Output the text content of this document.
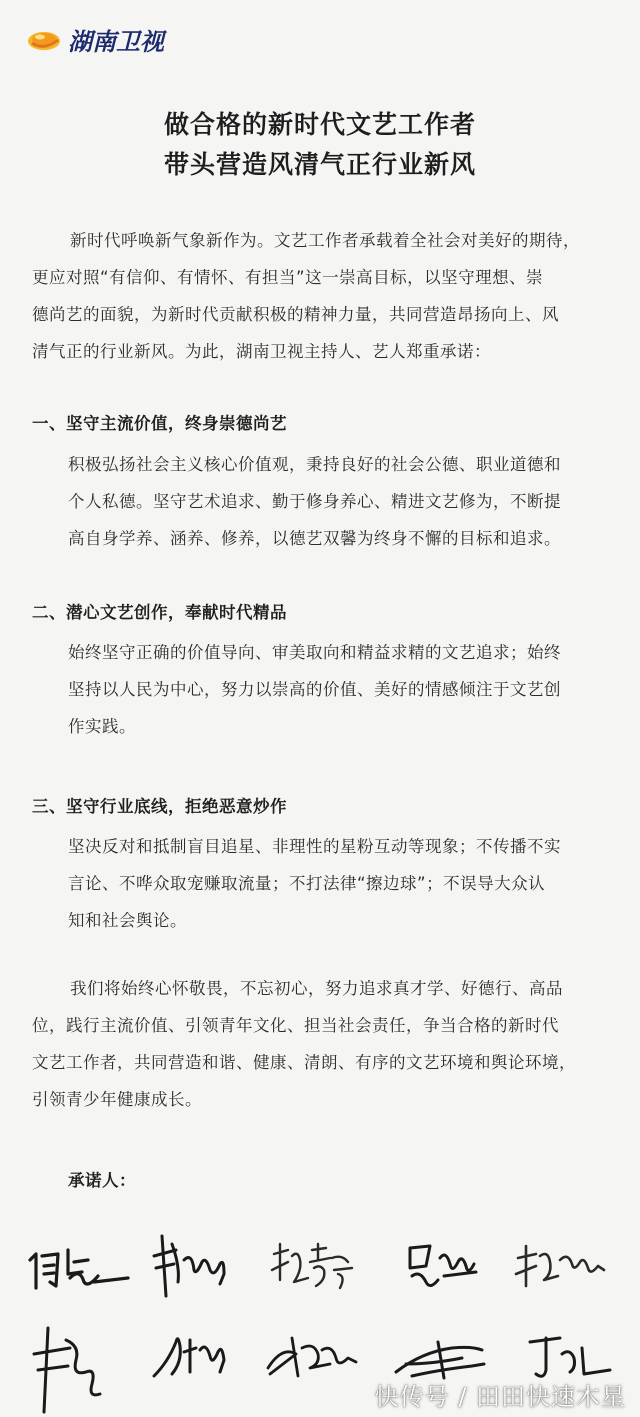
湖南卫视
做合格的新时代文艺工作者
带头营造风清气正行业新风
新时代呼唤新气象新作为。文艺工作者承载着全社会对美好的期待，
更应对照“有信仰、有情怀、有担当”这一崇高目标，以坚守理想、崇
德尚艺的面貌，为新时代贡献积极的精神力量，共同营造昂扬向上、风
清气正的行业新风。为此，湖南卫视主持人、艺人郑重承诺：
一、坚守主流价值，终身崇德尚艺
积极弘扬社会主义核心价值观，秉持良好的社会公德、职业道德和
个人私德。坚守艺术追求、勤于修身养心、精进文艺修为，不断提
高自身学养、涵养、修养，以德艺双馨为终身不懈的目标和追求。
二、潜心文艺创作，奉献时代精品
始终坚守正确的价值导向、审美取向和精益求精的文艺追求；始终
坚持以人民为中心，努力以崇高的价值、美好的情感倾注于文艺创
作实践。
三、坚守行业底线，拒绝恶意炒作
坚决反对和抵制盲目追星、非理性的星粉互动等现象；不传播不实
言论、不哗众取宠赚取流量；不打法律“擦边球”；不误导大众认
知和社会舆论。
我们将始终心怀敬畏，不忘初心，努力追求真才学、好德行、高品
位，践行主流价值、引领青年文化、担当社会责任，争当合格的新时代
文艺工作者，共同营造和谐、健康、清朗、有序的文艺环境和舆论环境，
引领青少年健康成长。
承诺人：
快传号 / 田田快速木星
